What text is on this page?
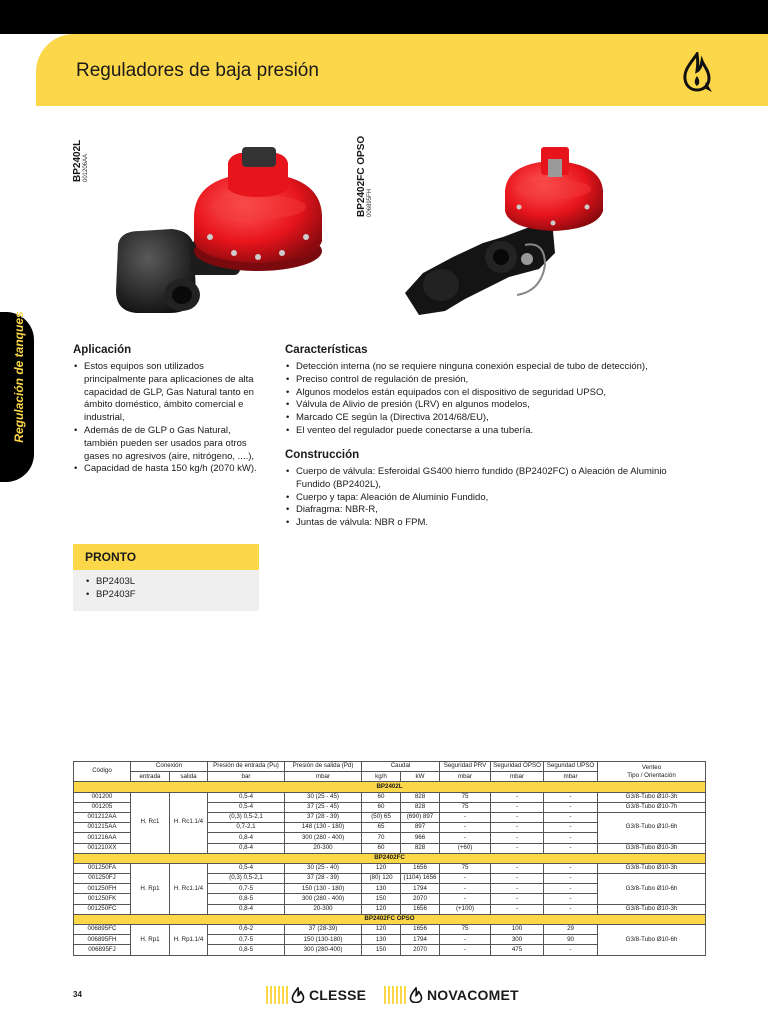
Reguladores de baja presión
Regulación de tanques
BP2402L 001206AA	BP2402FC OPSO 006895FH
Aplicación
• Estos equipos son utilizados principalmente para aplicaciones de alta capacidad de GLP, Gas Natural tanto en ámbito doméstico, ámbito comercial e industrial,
• Además de de GLP o Gas Natural, también pueden ser usados para otros gases no agresivos (aire, nitrógeno, ....),
• Capacidad de hasta 150 kg/h (2070 kW).
Características
• Detección interna (no se requiere ninguna conexión especial de tubo de detección),
• Preciso control de regulación de presión,
• Algunos modelos están equipados con el dispositivo de seguridad UPSO,
• Válvula de Alivio de presión (LRV) en algunos modelos,
• Marcado CE según la (Directiva 2014/68/EU),
• El venteo del regulador puede conectarse a una tubería.
Construcción
• Cuerpo de válvula: Esferoidal GS400 hierro fundido (BP2402FC) o Aleación de Aluminio Fundido (BP2402L),
• Cuerpo y tapa: Aleación de Aluminio Fundido,
• Diafragma: NBR-R,
• Juntas de válvula: NBR o FPM.
PRONTO
• BP2403L
• BP2403F
Código	Conexión		Presión de entrada (Pu)	Presión de salida (Pd)	Caudal		Seguridad PRV	Seguridad OPSO	Seguridad UPSO	Venteo
Tipo / Orientación
	entrada	salida	bar	mbar	kg/h	kW	mbar	mbar	mbar	
BP2402L										
001200	H. Rc1	H. Rc1.1/4	0,5-4	30 (25 - 45)	60	828	75	-	-	G3/8-Tubo Ø10-3h
001205			0,5-4	37 (25 - 45)	60	828	75	-	-	G3/8-Tubo Ø10-7h
001212AA			(0,3) 0,5-2,1	37 (28 - 39)	(50) 65	(690) 897	-	-	-	G3/8-Tubo Ø10-6h
001215AA			0,7-2,1	148 (130 - 180)	65	897	-	-	-	
001216AA			0,8-4	300 (280 - 400)	70	966	-	-	-	
001210XX			0,8-4	20-300	60	828	(+60)	-	-	G3/8-Tubo Ø10-3h
BP2402FC										
001250FA	H. Rp1	H. Rc1.1/4	0,5-4	30 (25 - 40)	120	1656	75	-	-	G3/8-Tubo Ø10-3h
001250FJ			(0,3) 0,5-2,1	37 (28 - 39)	(80) 120	(1104) 1656	-	-	-	G3/8-Tubo Ø10-6h
001250FH			0,7-5	150 (130 - 180)	130	1794	-	-	-	
001250FK			0,8-5	300 (280 - 400)	150	2070	-	-	-	
001250FC			0,8-4	20-300	120	1656	(+100)	-	-	G3/8-Tubo Ø10-3h
BP2402FC OPSO										
006895FC	H. Rp1	H. Rp1.1/4	0,6-2	37 (28-39)	120	1656	75	100	29	G3/8-Tubo Ø10-6h
006895FH			0,7-5	150 (130-180)	130	1794	-	300	90	
006895FJ			0,8-5	300 (280-400)	150	2070	-	475	-	
34	CLESSE	NOVACOMET
